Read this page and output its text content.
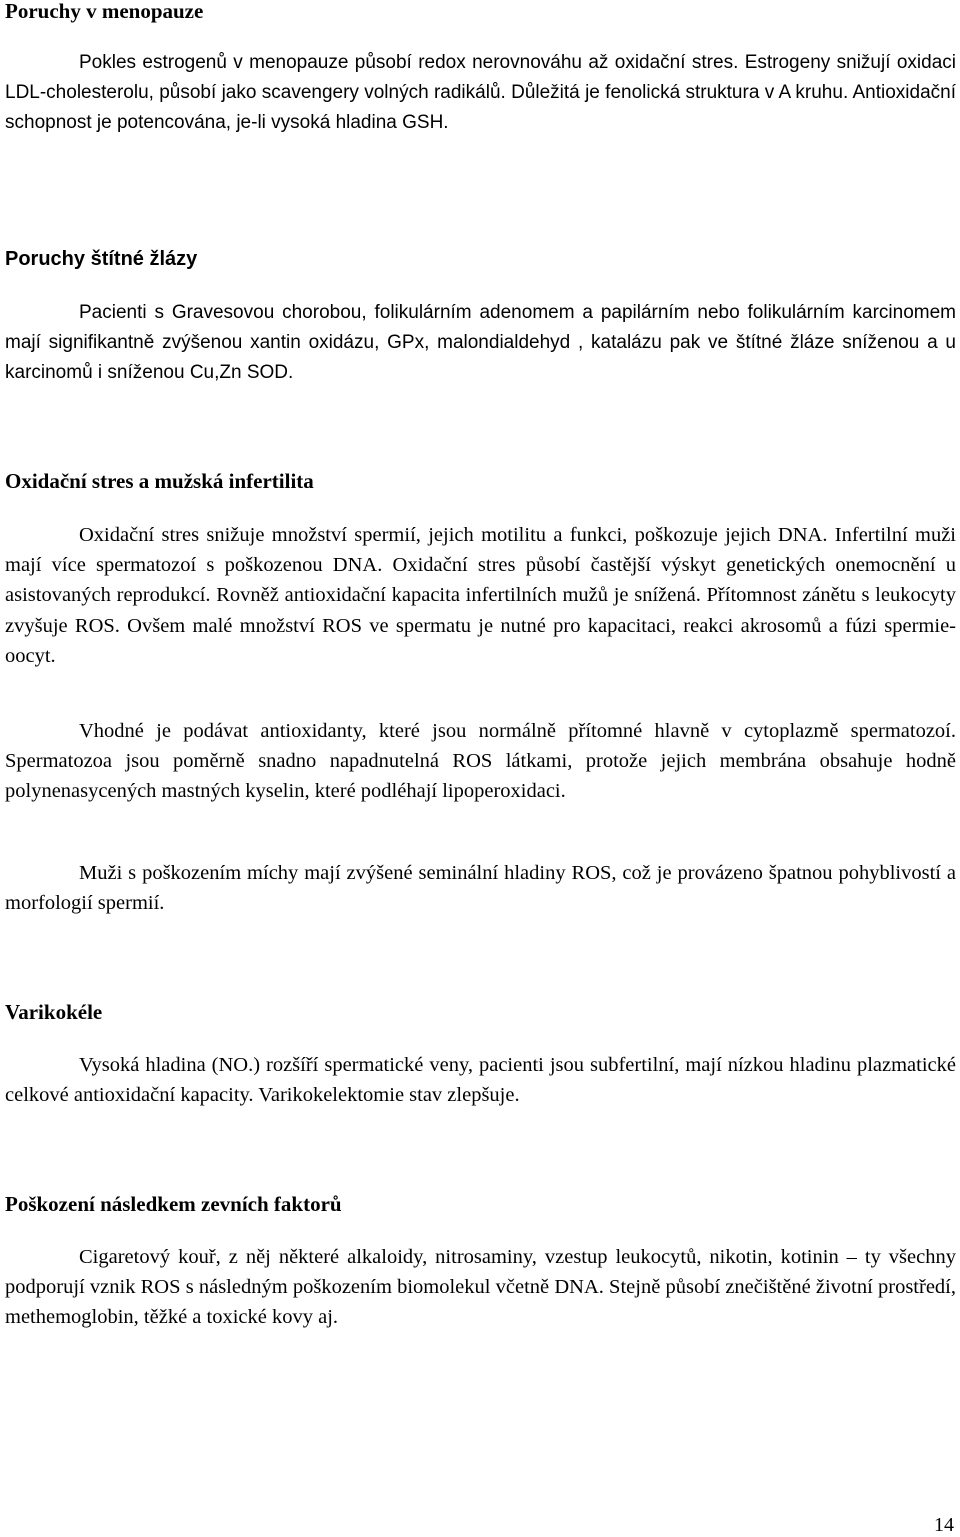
Poruchy v menopauze

Pokles estrogenů v menopauze působí redox nerovnováhu až oxidační stres. Estrogeny snižují oxidaci LDL-cholesterolu, působí jako scavengery volných radikálů. Důležitá je fenolická struktura v A kruhu. Antioxidační schopnost je potencována, je-li vysoká hladina GSH.

Poruchy štítné žlázy

Pacienti s Gravesovou chorobou, folikulárním adenomem a papilárním nebo folikulárním karcinomem mají signifikantně zvýšenou xantin oxidázu, GPx, malondialdehyd , katalázu pak ve štítné žláze sníženou a u karcinomů i sníženou Cu,Zn SOD.

Oxidační stres a mužská infertilita

Oxidační stres snižuje množství spermií, jejich motilitu a funkci, poškozuje jejich DNA. Infertilní muži mají více spermatozoí s poškozenou DNA. Oxidační stres působí častější výskyt genetických onemocnění u asistovaných reprodukcí. Rovněž antioxidační kapacita infertilních mužů je snížená. Přítomnost zánětu s leukocyty zvyšuje ROS. Ovšem malé množství ROS ve spermatu je nutné pro kapacitaci, reakci akrosomů a fúzi spermie-oocyt.

Vhodné je podávat antioxidanty, které jsou normálně přítomné hlavně v cytoplazmě spermatozoí. Spermatozoa jsou poměrně snadno napadnutelná ROS látkami, protože jejich membrána obsahuje hodně polynenasycených mastných kyselin, které podléhají lipoperoxidaci.

Muži s poškozením míchy mají zvýšené seminální hladiny ROS, což je provázeno špatnou pohyblivostí a morfologií spermií.

Varikokéle

Vysoká hladina (NO.) rozšíří spermatické veny, pacienti jsou subfertilní, mají nízkou hladinu plazmatické celkové antioxidační kapacity. Varikokelektomie stav zlepšuje.

Poškození následkem zevních faktorů

Cigaretový kouř, z něj některé alkaloidy, nitrosaminy, vzestup leukocytů, nikotin, kotinin – ty všechny podporují vznik ROS s následným poškozením biomolekul včetně DNA. Stejně působí znečištěné životní prostředí, methemoglobin, těžké a toxické kovy aj.

14
